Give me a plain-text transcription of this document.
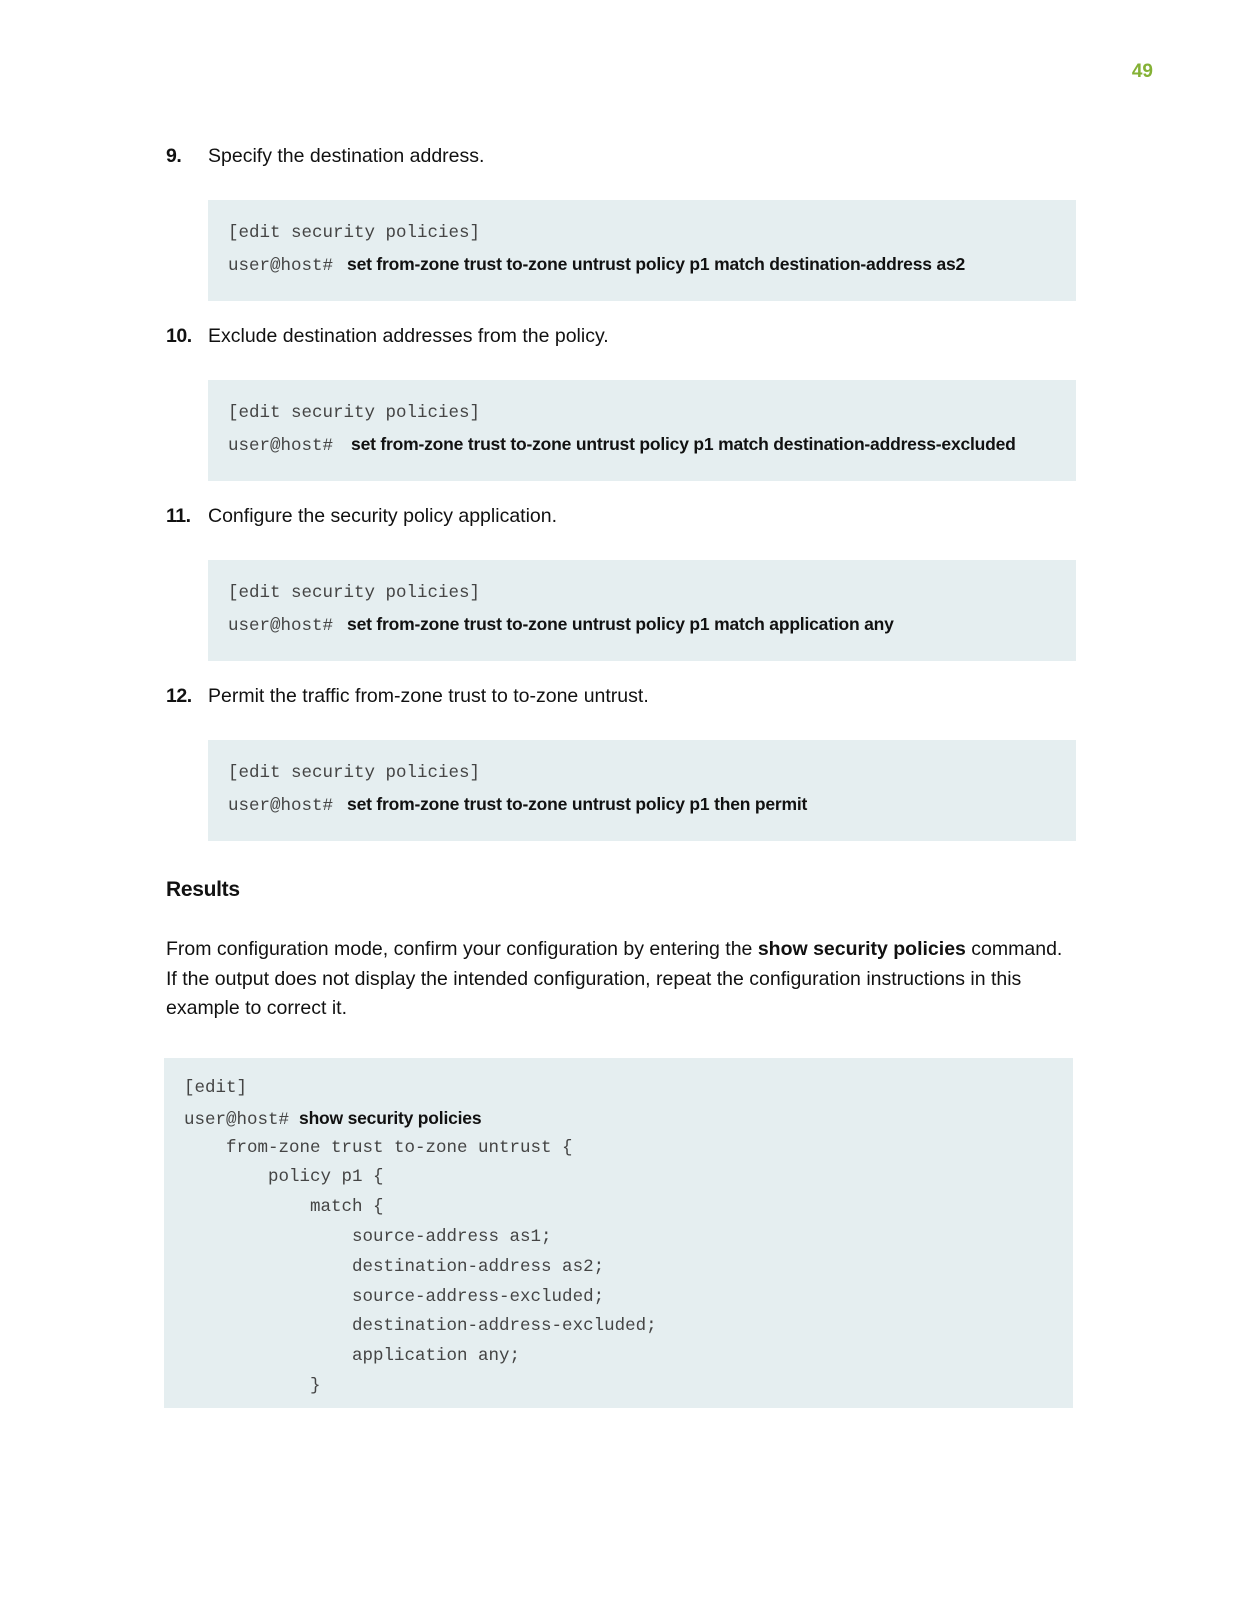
49
9.	Specify the destination address.
[edit security policies]
user@host# set from-zone trust to-zone untrust policy p1 match destination-address as2
10. Exclude destination addresses from the policy.
[edit security policies]
user@host# set from-zone trust to-zone untrust policy p1 match destination-address-excluded
11. Configure the security policy application.
[edit security policies]
user@host# set from-zone trust to-zone untrust policy p1 match application any
12. Permit the traffic from-zone trust to to-zone untrust.
[edit security policies]
user@host# set from-zone trust to-zone untrust policy p1 then permit
Results
From configuration mode, confirm your configuration by entering the show security policies command. If the output does not display the intended configuration, repeat the configuration instructions in this example to correct it.
[edit]
user@host# show security policies
from-zone trust to-zone untrust {
policy p1 {
match {
source-address as1;
destination-address as2;
source-address-excluded;
destination-address-excluded;
application any;
}
